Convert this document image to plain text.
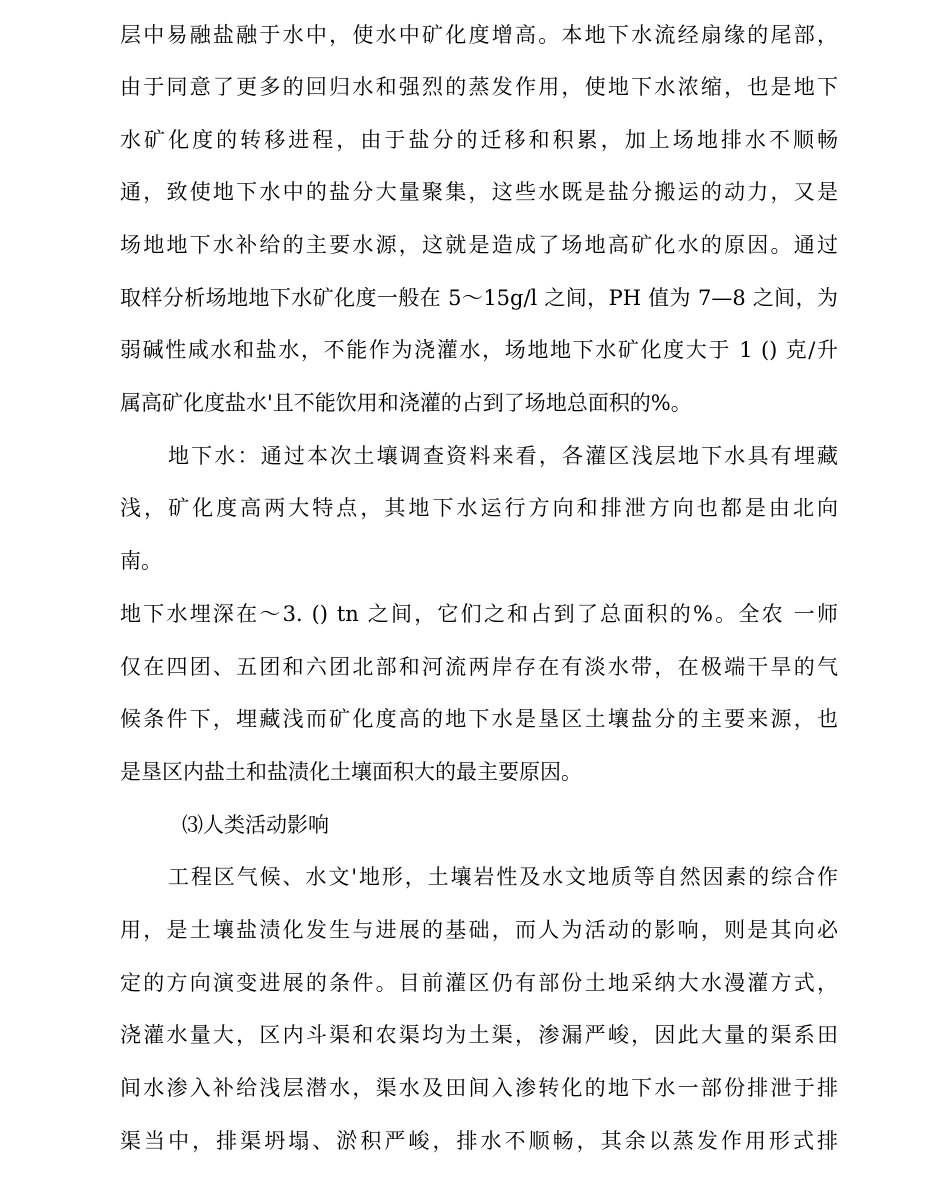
层中易融盐融于水中，使水中矿化度增高。本地下水流经扇缘的尾部，
由于同意了更多的回归水和强烈的蒸发作用，使地下水浓缩，也是地下
水矿化度的转移进程，由于盐分的迁移和积累，加上场地排水不顺畅
通，致使地下水中的盐分大量聚集，这些水既是盐分搬运的动力，又是
场地地下水补给的主要水源，这就是造成了场地高矿化水的原因。通过
取样分析场地地下水矿化度一般在 5〜15g/l 之间，PH 值为 7—8 之间，为
弱碱性咸水和盐水，不能作为浇灌水，场地地下水矿化度大于 1 () 克/升
属高矿化度盐水'且不能饮用和浇灌的占到了场地总面积的%。
地下水：通过本次土壤调查资料来看，各灌区浅层地下水具有埋藏
浅，矿化度高两大特点，其地下水运行方向和排泄方向也都是由北向
南。
地下水埋深在〜3. () tn 之间，它们之和占到了总面积的%。全农 一师
仅在四团、五团和六团北部和河流两岸存在有淡水带，在极端干旱的气
候条件下，埋藏浅而矿化度高的地下水是垦区土壤盐分的主要来源，也
是垦区内盐土和盐渍化土壤面积大的最主要原因。
⑶人类活动影响
工程区气候、水文'地形，土壤岩性及水文地质等自然因素的综合作
用，是土壤盐渍化发生与进展的基础，而人为活动的影响，则是其向必
定的方向演变进展的条件。目前灌区仍有部份土地采纳大水漫灌方式，
浇灌水量大，区内斗渠和农渠均为土渠，渗漏严峻，因此大量的渠系田
间水渗入补给浅层潜水，渠水及田间入渗转化的地下水一部份排泄于排
渠当中，排渠坍塌、淤积严峻，排水不顺畅，其余以蒸发作用形式排
